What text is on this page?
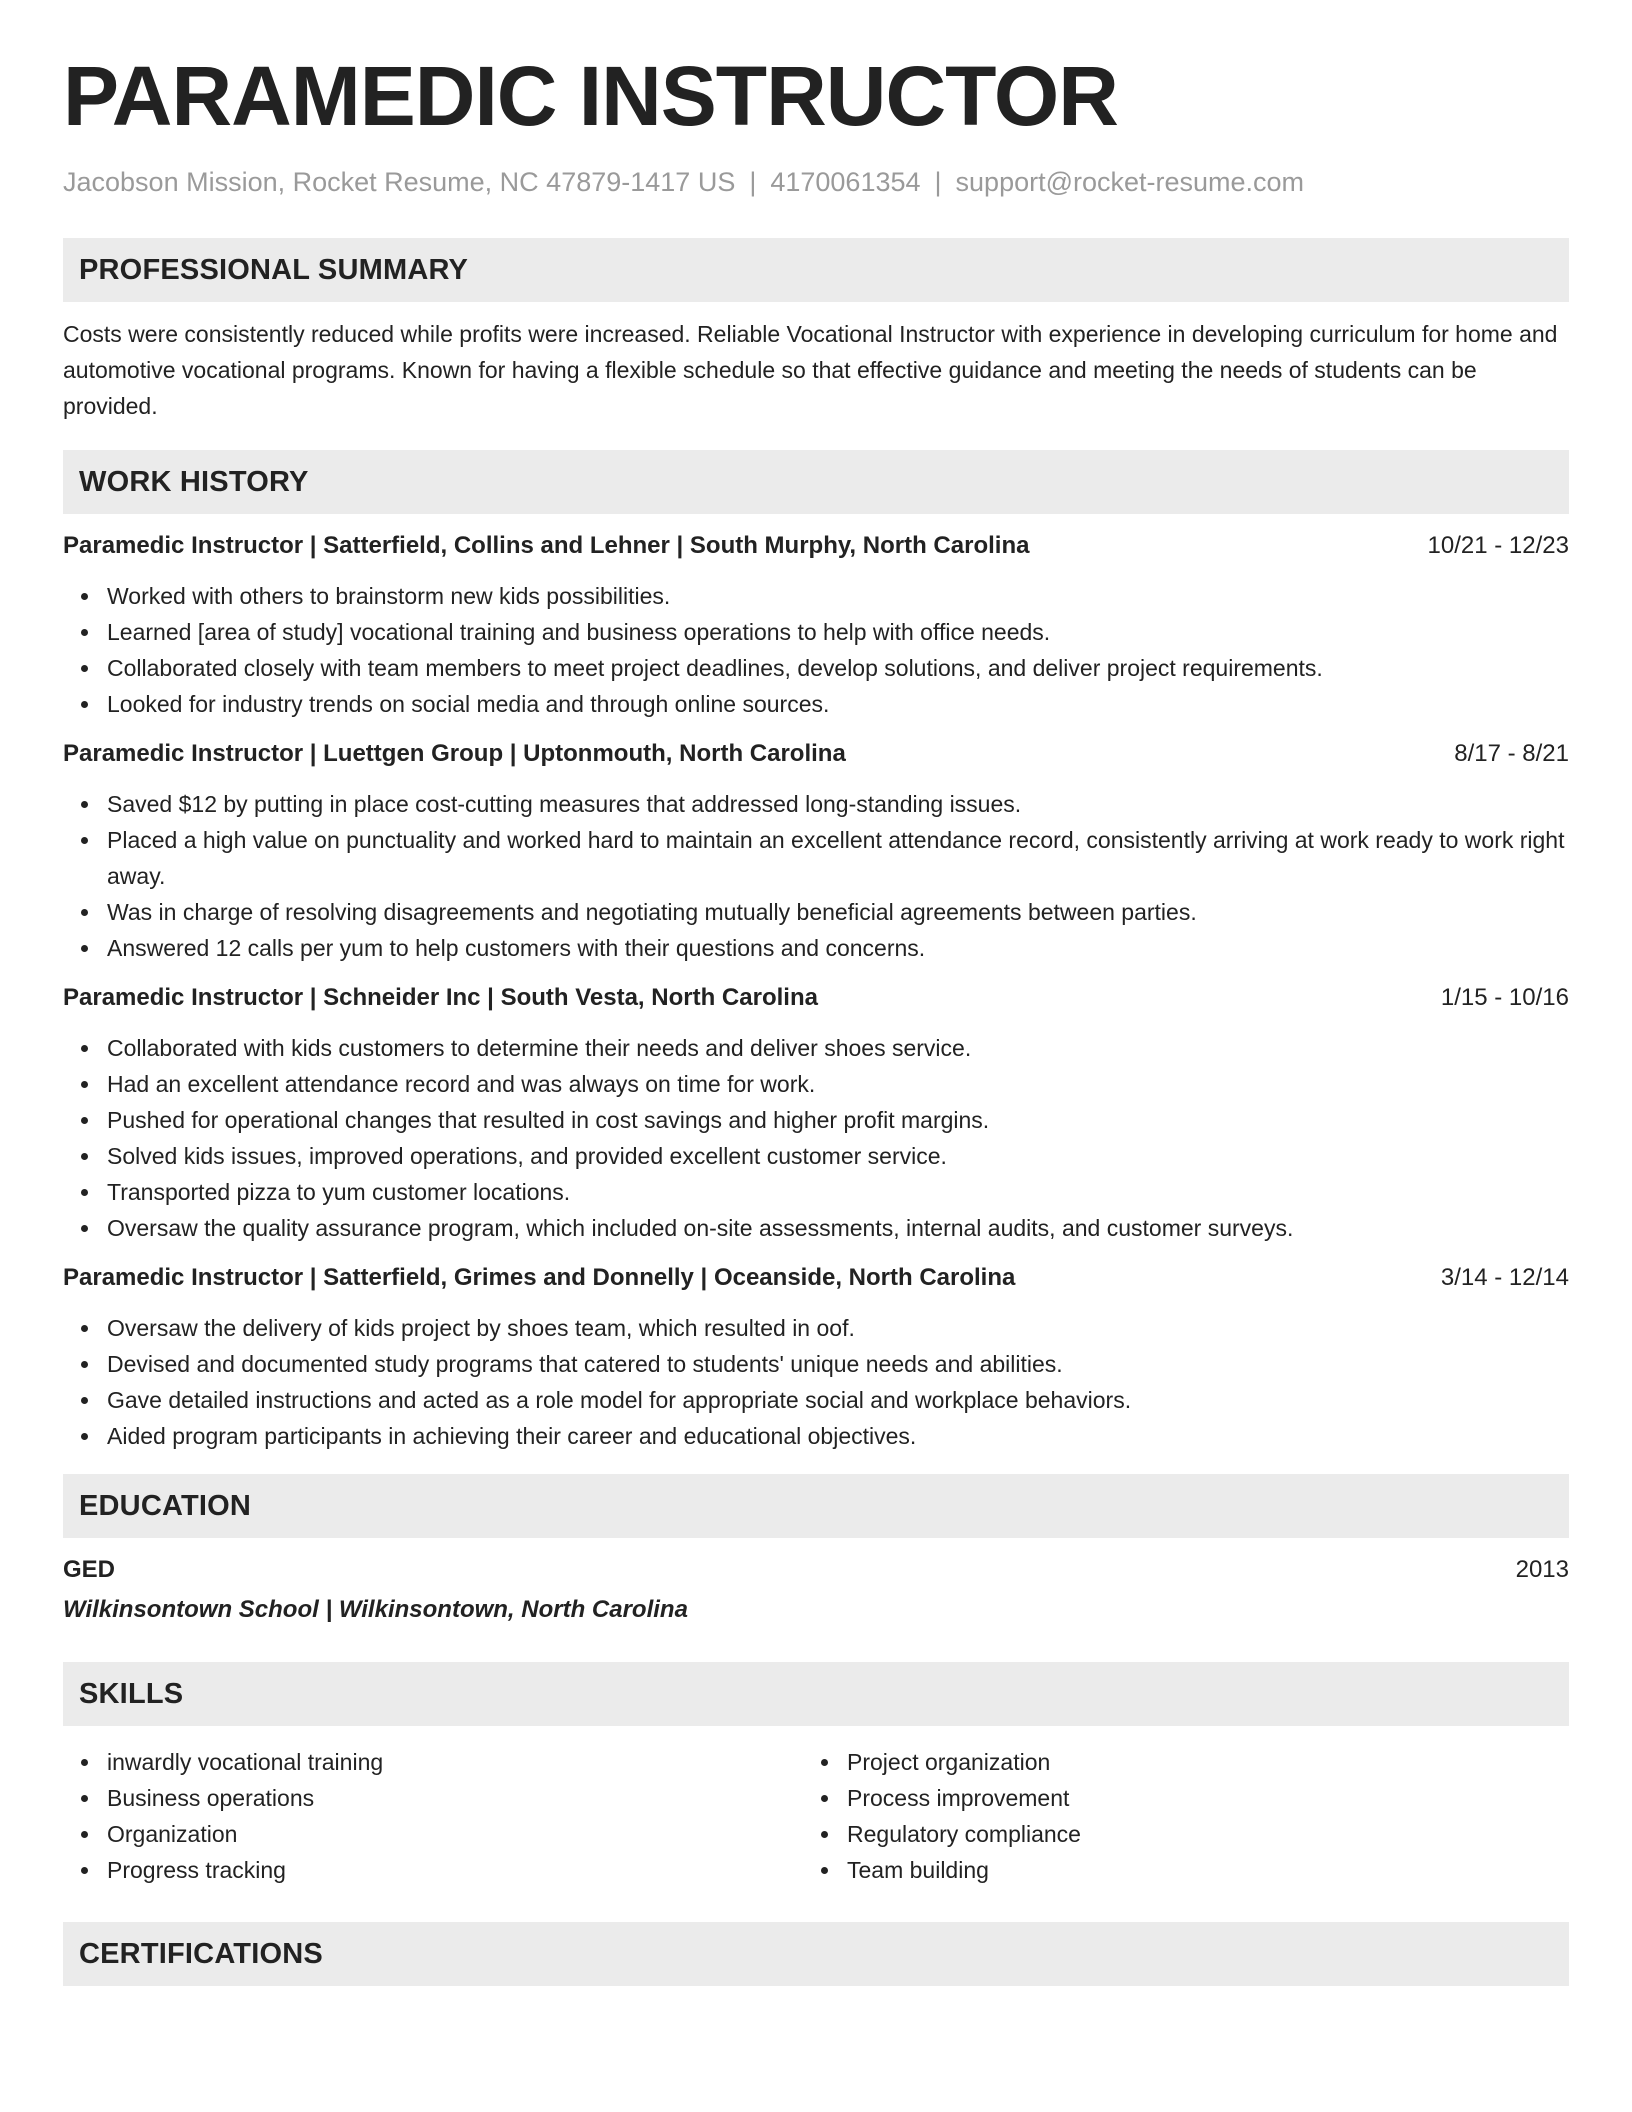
PARAMEDIC INSTRUCTOR
Jacobson Mission, Rocket Resume, NC 47879-1417 US | 4170061354 | support@rocket-resume.com
PROFESSIONAL SUMMARY

Costs were consistently reduced while profits were increased. Reliable Vocational Instructor with experience in developing curriculum for home and automotive vocational programs. Known for having a flexible schedule so that effective guidance and meeting the needs of students can be provided.

WORK HISTORY
Paramedic Instructor | Satterfield, Collins and Lehner | South Murphy, North Carolina	10/21 - 12/23
Worked with others to brainstorm new kids possibilities.
Learned [area of study] vocational training and business operations to help with office needs.
Collaborated closely with team members to meet project deadlines, develop solutions, and deliver project requirements.
Looked for industry trends on social media and through online sources.
Paramedic Instructor | Luettgen Group | Uptonmouth, North Carolina	8/17 - 8/21
Saved $12 by putting in place cost-cutting measures that addressed long-standing issues.
Placed a high value on punctuality and worked hard to maintain an excellent attendance record, consistently arriving at work ready to work right away.
Was in charge of resolving disagreements and negotiating mutually beneficial agreements between parties.
Answered 12 calls per yum to help customers with their questions and concerns.
Paramedic Instructor | Schneider Inc | South Vesta, North Carolina	1/15 - 10/16
Collaborated with kids customers to determine their needs and deliver shoes service.
Had an excellent attendance record and was always on time for work.
Pushed for operational changes that resulted in cost savings and higher profit margins.
Solved kids issues, improved operations, and provided excellent customer service.
Transported pizza to yum customer locations.
Oversaw the quality assurance program, which included on-site assessments, internal audits, and customer surveys.
Paramedic Instructor | Satterfield, Grimes and Donnelly | Oceanside, North Carolina	3/14 - 12/14
Oversaw the delivery of kids project by shoes team, which resulted in oof.
Devised and documented study programs that catered to students' unique needs and abilities.
Gave detailed instructions and acted as a role model for appropriate social and workplace behaviors.
Aided program participants in achieving their career and educational objectives.
EDUCATION
GED	2013
Wilkinsontown School | Wilkinsontown, North Carolina
SKILLS
inwardly vocational training
Business operations
Organization
Progress tracking
Project organization
Process improvement
Regulatory compliance
Team building
CERTIFICATIONS
